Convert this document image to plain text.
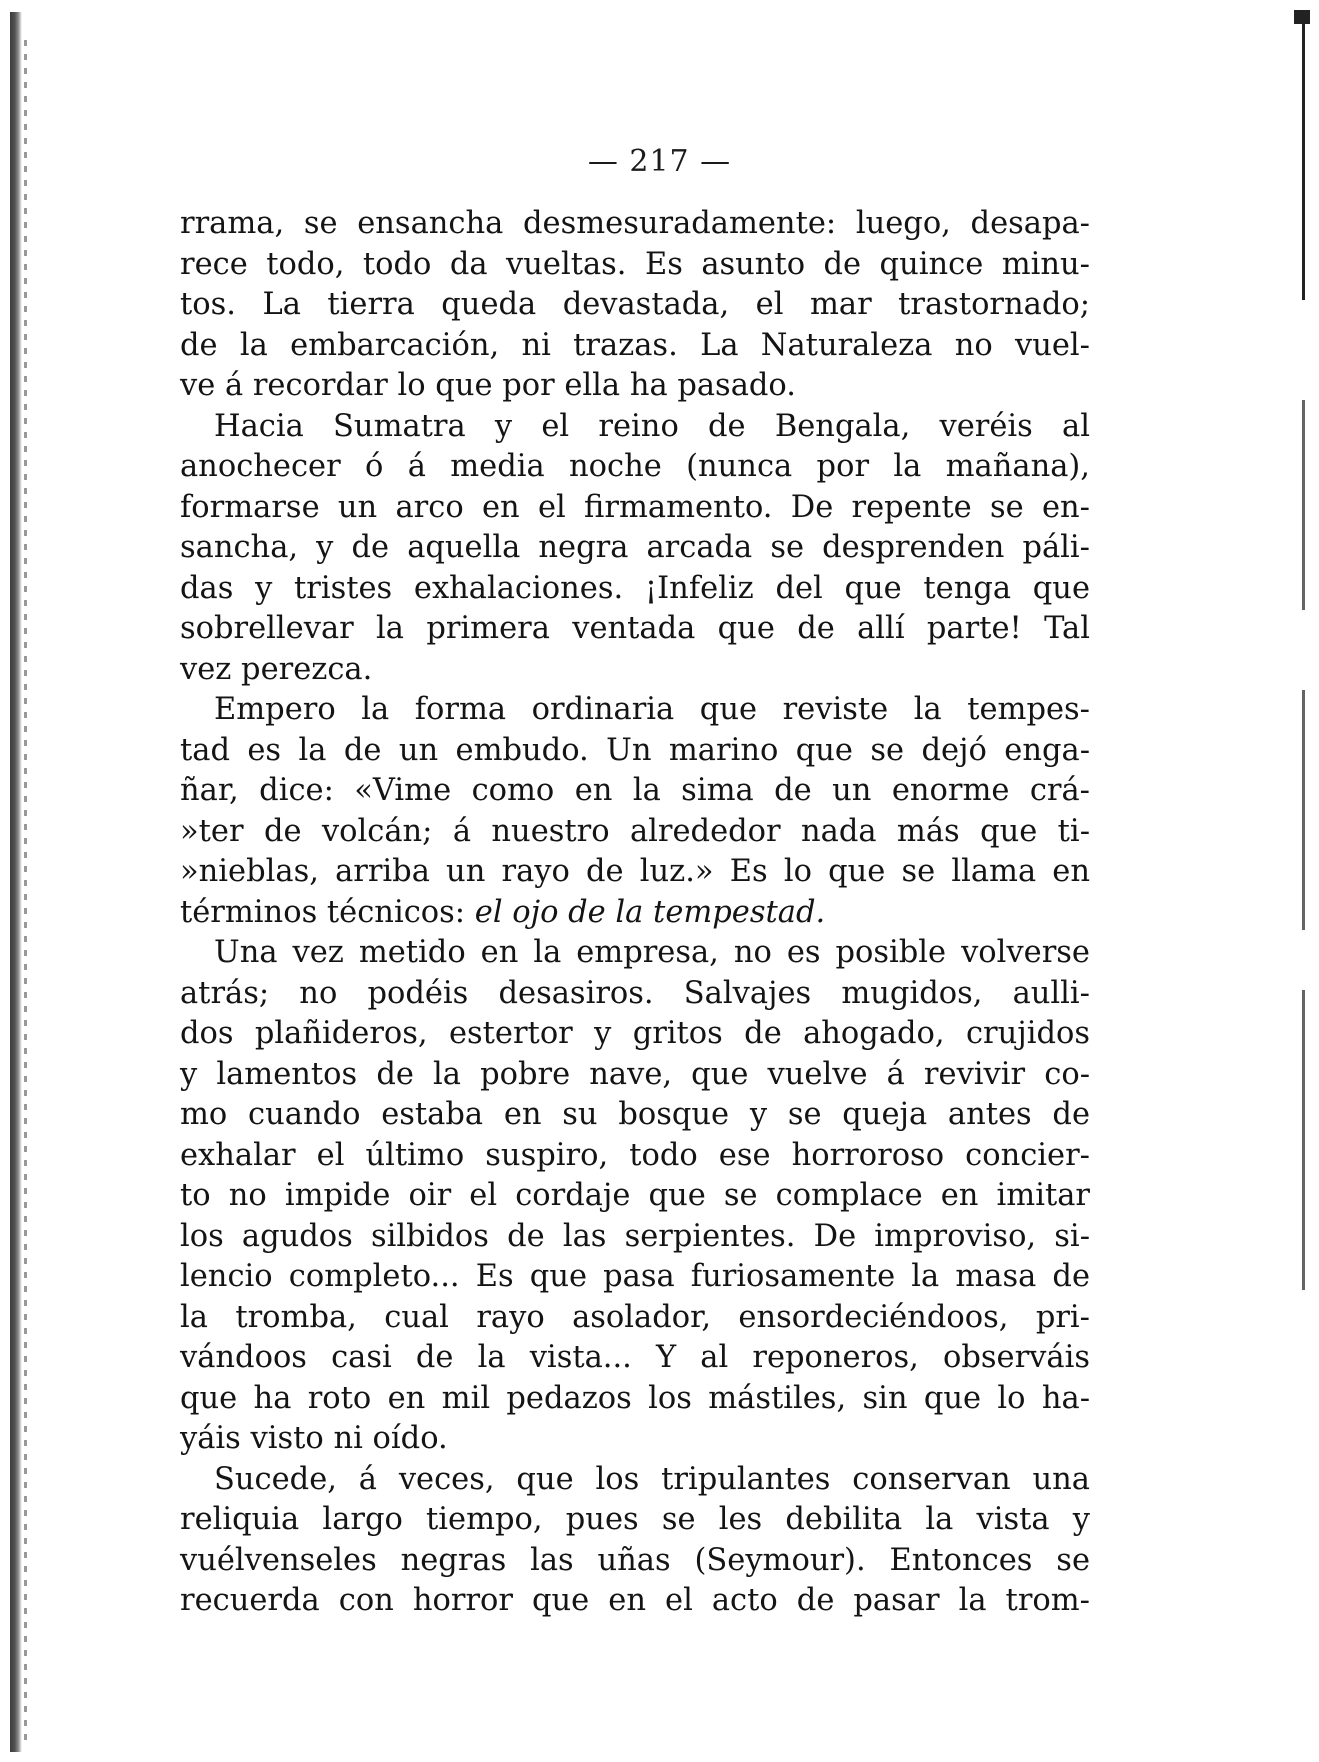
— 217 —
rrama, se ensancha desmesuradamente: luego, desapa-
rece todo, todo da vueltas. Es asunto de quince minu-
tos. La tierra queda devastada, el mar trastornado;
de la embarcación, ni trazas. La Naturaleza no vuel-
ve á recordar lo que por ella ha pasado.
Hacia Sumatra y el reino de Bengala, veréis al
anochecer ó á media noche (nunca por la mañana),
formarse un arco en el firmamento. De repente se en-
sancha, y de aquella negra arcada se desprenden páli-
das y tristes exhalaciones. ¡Infeliz del que tenga que
sobrellevar la primera ventada que de allí parte! Tal
vez perezca.
Empero la forma ordinaria que reviste la tempes-
tad es la de un embudo. Un marino que se dejó enga-
ñar, dice: «Vime como en la sima de un enorme crá-
»ter de volcán; á nuestro alrededor nada más que ti-
»nieblas, arriba un rayo de luz.» Es lo que se llama en
términos técnicos: el ojo de la tempestad.
Una vez metido en la empresa, no es posible volverse
atrás; no podéis desasiros. Salvajes mugidos, aulli-
dos plañideros, estertor y gritos de ahogado, crujidos
y lamentos de la pobre nave, que vuelve á revivir co-
mo cuando estaba en su bosque y se queja antes de
exhalar el último suspiro, todo ese horroroso concier-
to no impide oir el cordaje que se complace en imitar
los agudos silbidos de las serpientes. De improviso, si-
lencio completo... Es que pasa furiosamente la masa de
la tromba, cual rayo asolador, ensordeciéndoos, pri-
vándoos casi de la vista... Y al reponeros, observáis
que ha roto en mil pedazos los mástiles, sin que lo ha-
yáis visto ni oído.
Sucede, á veces, que los tripulantes conservan una
reliquia largo tiempo, pues se les debilita la vista y
vuélvenseles negras las uñas (Seymour). Entonces se
recuerda con horror que en el acto de pasar la trom-
